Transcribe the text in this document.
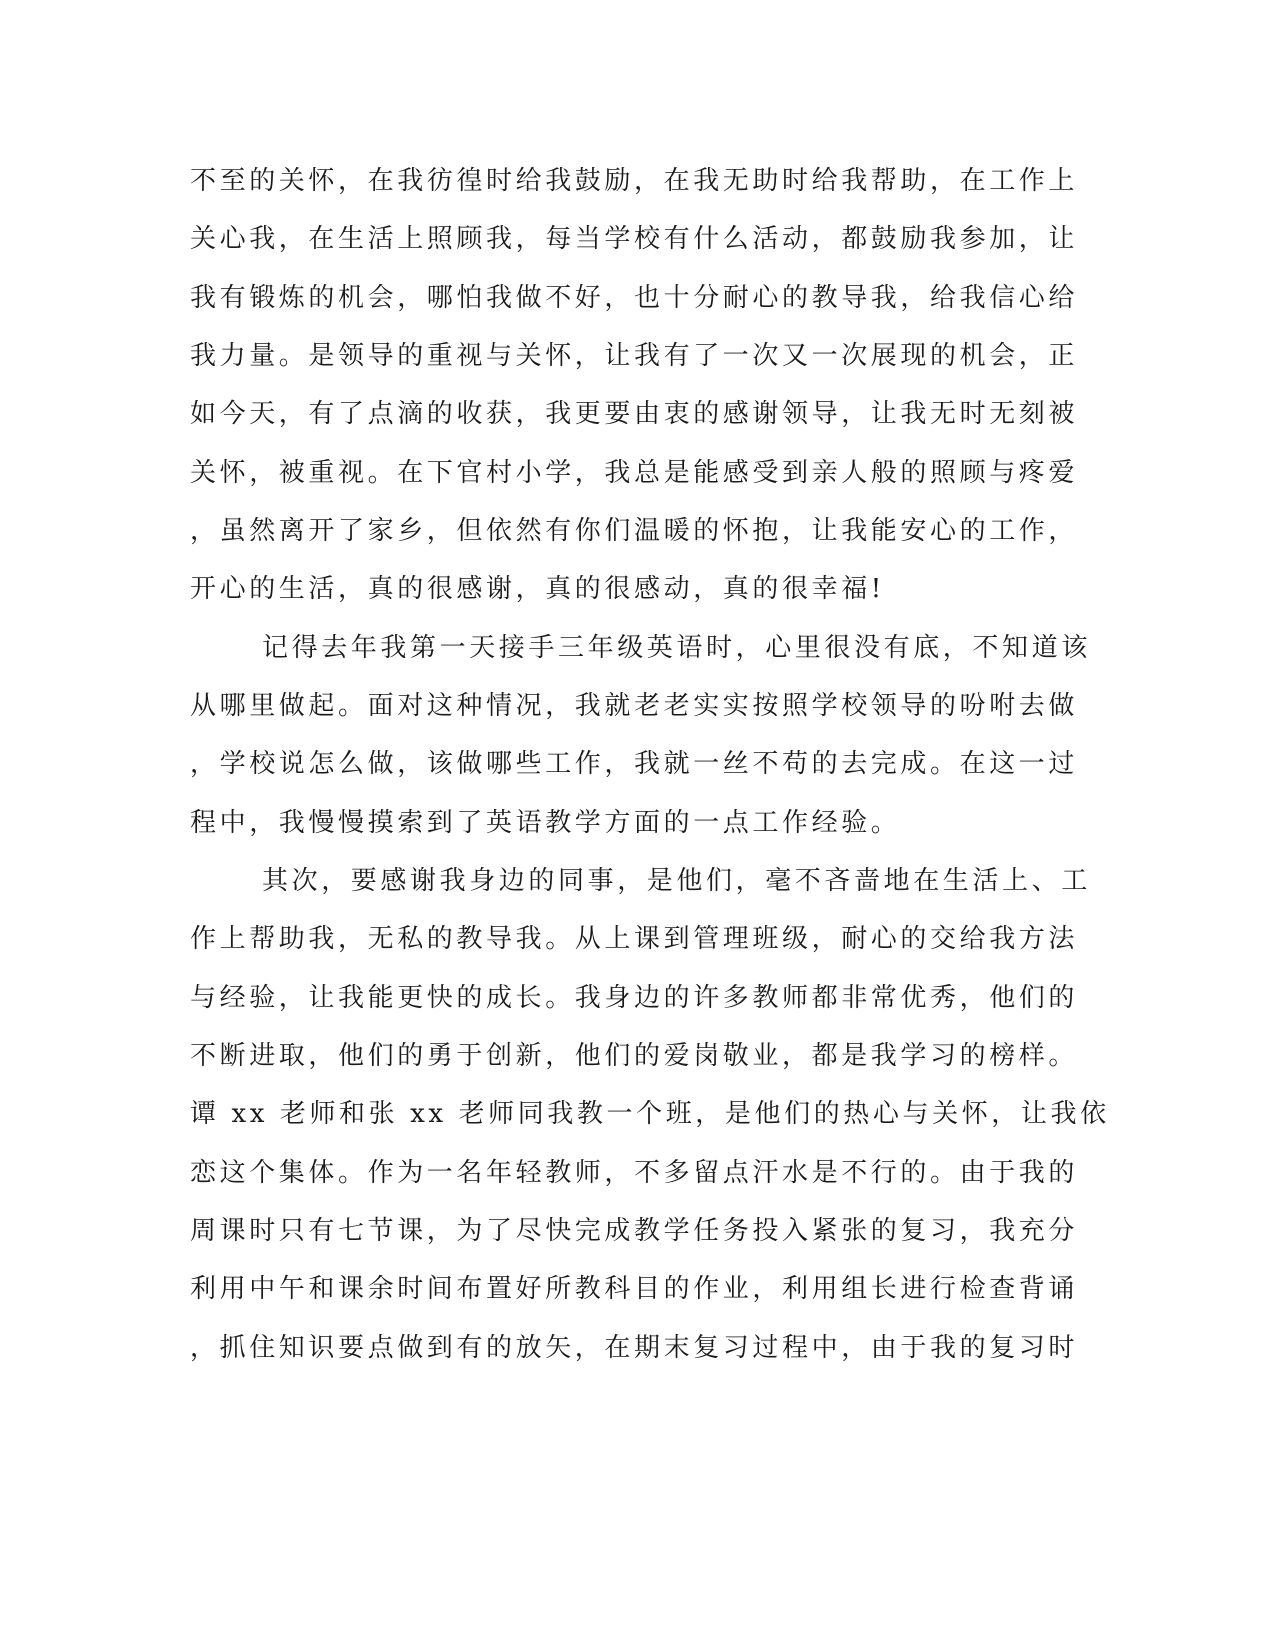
不至的关怀，在我彷徨时给我鼓励，在我无助时给我帮助，在工作上

关心我，在生活上照顾我，每当学校有什么活动，都鼓励我参加，让

我有锻炼的机会，哪怕我做不好，也十分耐心的教导我，给我信心给

我力量。是领导的重视与关怀，让我有了一次又一次展现的机会，正

如今天，有了点滴的收获，我更要由衷的感谢领导，让我无时无刻被

关怀，被重视。在下官村小学，我总是能感受到亲人般的照顾与疼爱

，虽然离开了家乡，但依然有你们温暖的怀抱，让我能安心的工作，

开心的生活，真的很感谢，真的很感动，真的很幸福!

记得去年我第一天接手三年级英语时，心里很没有底，不知道该

从哪里做起。面对这种情况，我就老老实实按照学校领导的吩咐去做

，学校说怎么做，该做哪些工作，我就一丝不苟的去完成。在这一过

程中，我慢慢摸索到了英语教学方面的一点工作经验。

其次，要感谢我身边的同事，是他们，毫不吝啬地在生活上、工

作上帮助我，无私的教导我。从上课到管理班级，耐心的交给我方法

与经验，让我能更快的成长。我身边的许多教师都非常优秀，他们的

不断进取，他们的勇于创新，他们的爱岗敬业，都是我学习的榜样。

谭 xx 老师和张 xx 老师同我教一个班，是他们的热心与关怀，让我依

恋这个集体。作为一名年轻教师，不多留点汗水是不行的。由于我的

周课时只有七节课，为了尽快完成教学任务投入紧张的复习，我充分

利用中午和课余时间布置好所教科目的作业，利用组长进行检查背诵

，抓住知识要点做到有的放矢，在期末复习过程中，由于我的复习时
